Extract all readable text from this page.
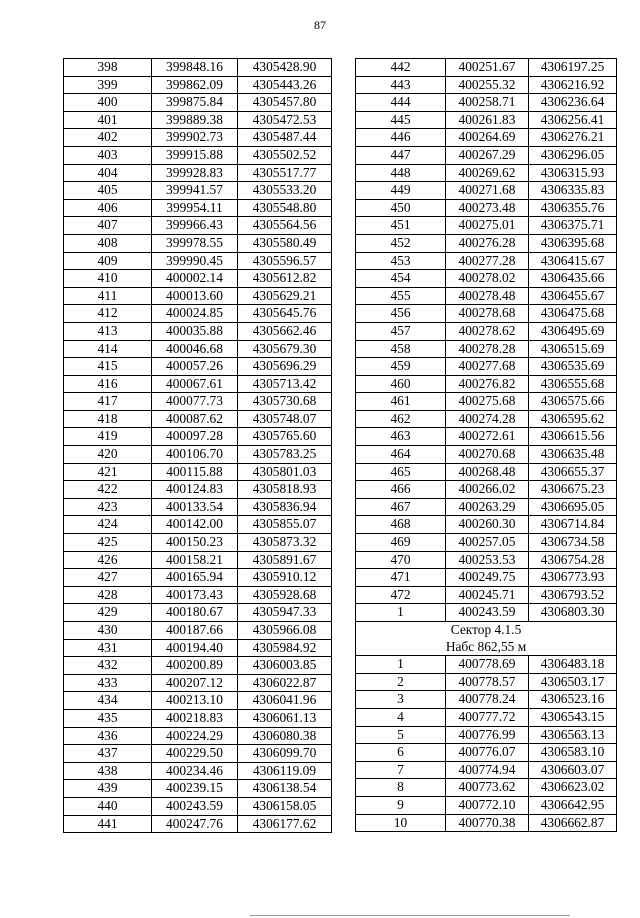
87
398	399848.16	4305428.90
399	399862.09	4305443.26
400	399875.84	4305457.80
401	399889.38	4305472.53
402	399902.73	4305487.44
403	399915.88	4305502.52
404	399928.83	4305517.77
405	399941.57	4305533.20
406	399954.11	4305548.80
407	399966.43	4305564.56
408	399978.55	4305580.49
409	399990.45	4305596.57
410	400002.14	4305612.82
411	400013.60	4305629.21
412	400024.85	4305645.76
413	400035.88	4305662.46
414	400046.68	4305679.30
415	400057.26	4305696.29
416	400067.61	4305713.42
417	400077.73	4305730.68
418	400087.62	4305748.07
419	400097.28	4305765.60
420	400106.70	4305783.25
421	400115.88	4305801.03
422	400124.83	4305818.93
423	400133.54	4305836.94
424	400142.00	4305855.07
425	400150.23	4305873.32
426	400158.21	4305891.67
427	400165.94	4305910.12
428	400173.43	4305928.68
429	400180.67	4305947.33
430	400187.66	4305966.08
431	400194.40	4305984.92
432	400200.89	4306003.85
433	400207.12	4306022.87
434	400213.10	4306041.96
435	400218.83	4306061.13
436	400224.29	4306080.38
437	400229.50	4306099.70
438	400234.46	4306119.09
439	400239.15	4306138.54
440	400243.59	4306158.05
441	400247.76	4306177.62
442	400251.67	4306197.25
443	400255.32	4306216.92
444	400258.71	4306236.64
445	400261.83	4306256.41
446	400264.69	4306276.21
447	400267.29	4306296.05
448	400269.62	4306315.93
449	400271.68	4306335.83
450	400273.48	4306355.76
451	400275.01	4306375.71
452	400276.28	4306395.68
453	400277.28	4306415.67
454	400278.02	4306435.66
455	400278.48	4306455.67
456	400278.68	4306475.68
457	400278.62	4306495.69
458	400278.28	4306515.69
459	400277.68	4306535.69
460	400276.82	4306555.68
461	400275.68	4306575.66
462	400274.28	4306595.62
463	400272.61	4306615.56
464	400270.68	4306635.48
465	400268.48	4306655.37
466	400266.02	4306675.23
467	400263.29	4306695.05
468	400260.30	4306714.84
469	400257.05	4306734.58
470	400253.53	4306754.28
471	400249.75	4306773.93
472	400245.71	4306793.52
1	400243.59	4306803.30
Сектор 4.1.5		
Набс 862,55 м		
1	400778.69	4306483.18
2	400778.57	4306503.17
3	400778.24	4306523.16
4	400777.72	4306543.15
5	400776.99	4306563.13
6	400776.07	4306583.10
7	400774.94	4306603.07
8	400773.62	4306623.02
9	400772.10	4306642.95
10	400770.38	4306662.87
